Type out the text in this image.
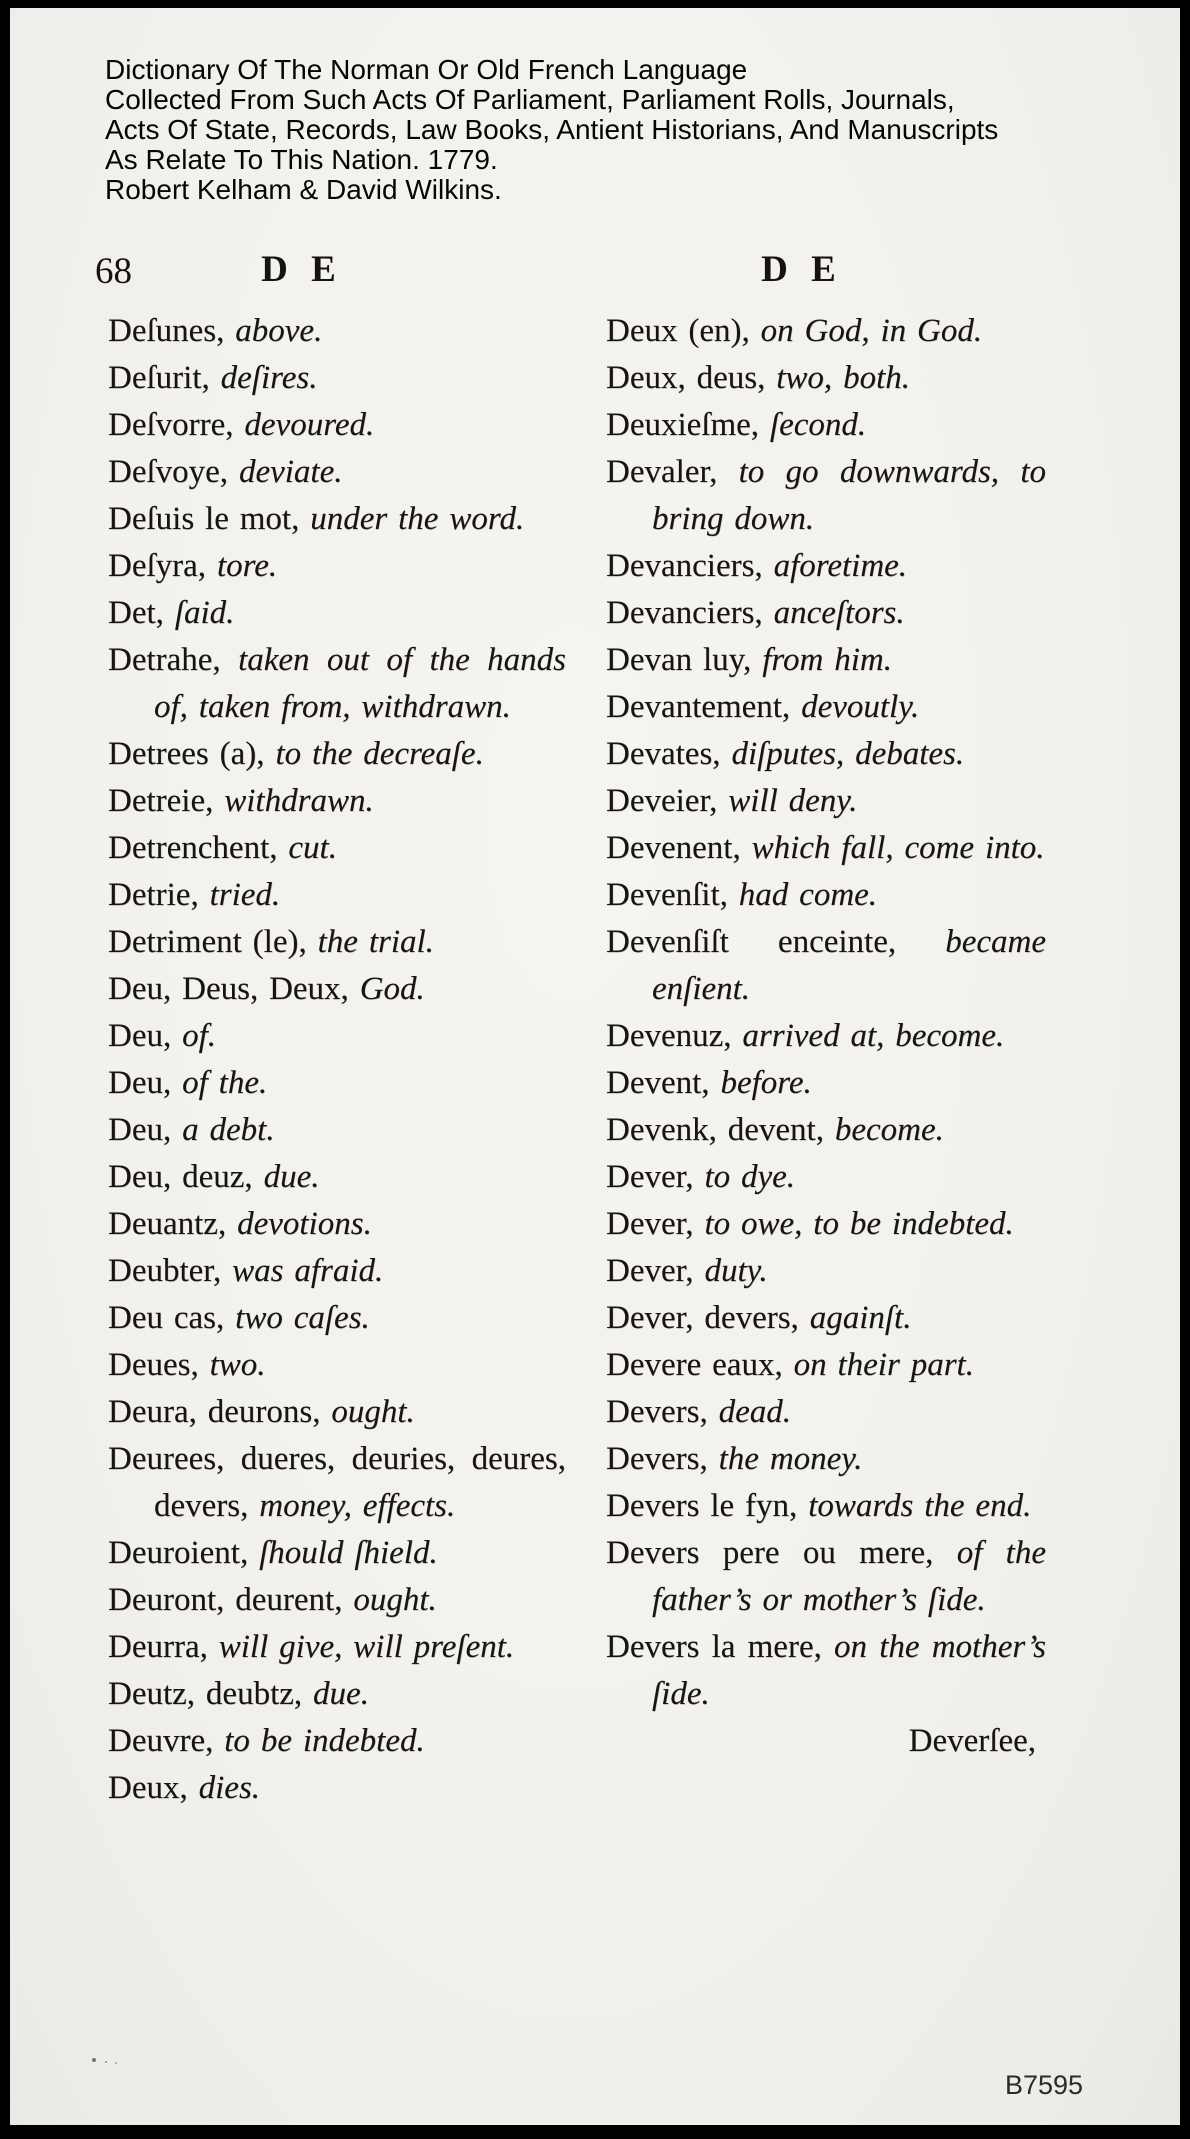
Dictionary Of The Norman Or Old French Language
Collected From Such Acts Of Parliament, Parliament Rolls, Journals,
Acts Of State, Records, Law Books, Antient Historians, And Manuscripts
As Relate To This Nation. 1779.
Robert Kelham & David Wilkins.
68	D E	D E

Deſunes, above.

Deſurit, deſires.

Deſvorre, devoured.

Deſvoye, deviate.

Deſuis le mot, under the word.

Deſyra, tore.

Det, ſaid.

Detrahe, taken out of the hands of, taken from, withdrawn.

Detrees (a), to the decreaſe.

Detreie, withdrawn.

Detrenchent, cut.

Detrie, tried.

Detriment (le), the trial.

Deu, Deus, Deux, God.

Deu, of.

Deu, of the.

Deu, a debt.

Deu, deuz, due.

Deuantz, devotions.

Deubter, was afraid.

Deu cas, two caſes.

Deues, two.

Deura, deurons, ought.

Deurees, dueres, deuries, deures, devers, money, effects.

Deuroient, ſhould ſhield.

Deuront, deurent, ought.

Deurra, will give, will preſent.

Deutz, deubtz, due.

Deuvre, to be indebted.

Deux, dies.

Deux (en), on God, in God.

Deux, deus, two, both.

Deuxieſme, ſecond.

Devaler, to go downwards, to bring down.

Devanciers, aforetime.

Devanciers, anceſtors.

Devan luy, from him.

Devantement, devoutly.

Devates, diſputes, debates.

Deveier, will deny.

Devenent, which fall, come into.

Devenſit, had come.

Devenſiſt enceinte, became enſient.

Devenuz, arrived at, become.

Devent, before.

Devenk, devent, become.

Dever, to dye.

Dever, to owe, to be indebted.

Dever, duty.

Dever, devers, againſt.

Devere eaux, on their part.

Devers, dead.

Devers, the money.

Devers le fyn, towards the end.

Devers pere ou mere, of the father’s or mother’s ſide.

Devers la mere, on the mother’s ſide.

Deverſee,

B7595
